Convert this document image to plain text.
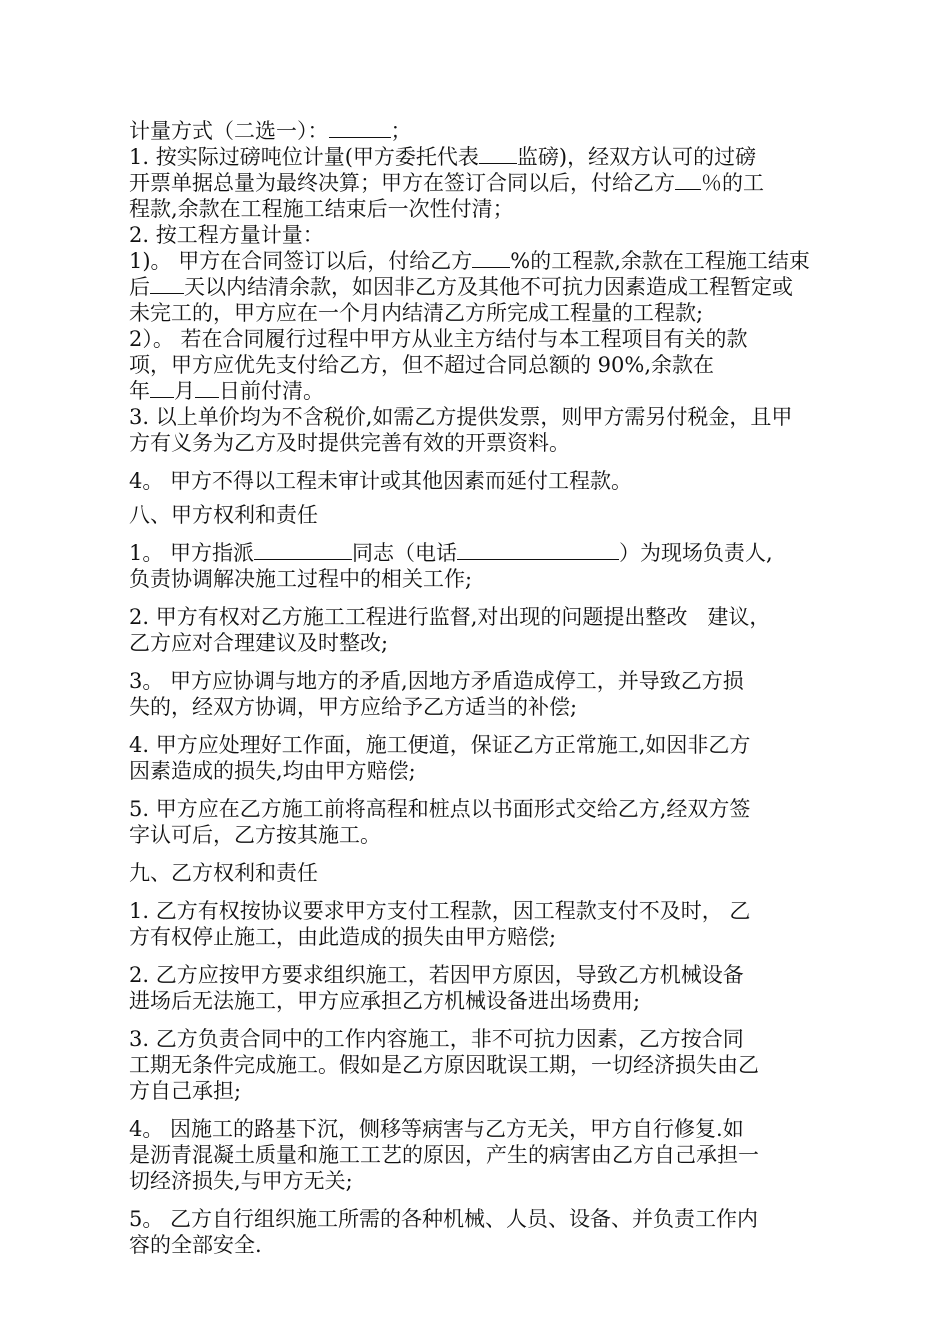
计量方式（二选一）：	；
1. 按实际过磅吨位计量(甲方委托代表 监磅)，经双方认可的过磅
开票单据总量为最终决算；甲方在签订合同以后，付给乙方 ％的工
程款,余款在工程施工结束后一次性付清；
2. 按工程方量计量：
1)。 甲方在合同签订以后，付给乙方 %的工程款,余款在工程施工结束
后 天以内结清余款，如因非乙方及其他不可抗力因素造成工程暂定或
未完工的，甲方应在一个月内结清乙方所完成工程量的工程款;
2）。 若在合同履行过程中甲方从业主方结付与本工程项目有关的款
项，甲方应优先支付给乙方，但不超过合同总额的 90%,余款在
年 月 日前付清。
3. 以上单价均为不含税价,如需乙方提供发票，则甲方需另付税金，且甲
方有义务为乙方及时提供完善有效的开票资料。
4。 甲方不得以工程未审计或其他因素而延付工程款。
八、甲方权利和责任
1。 甲方指派	同志（电话	）为现场负责人,
负责协调解决施工过程中的相关工作;
2. 甲方有权对乙方施工工程进行监督,对出现的问题提出整改   建议，
乙方应对合理建议及时整改;
3。 甲方应协调与地方的矛盾,因地方矛盾造成停工，并导致乙方损
失的，经双方协调，甲方应给予乙方适当的补偿;
4. 甲方应处理好工作面，施工便道，保证乙方正常施工,如因非乙方
因素造成的损失,均由甲方赔偿;
5. 甲方应在乙方施工前将高程和桩点以书面形式交给乙方,经双方签
字认可后，乙方按其施工。
九、乙方权利和责任
1. 乙方有权按协议要求甲方支付工程款，因工程款支付不及时， 乙
方有权停止施工，由此造成的损失由甲方赔偿;
2. 乙方应按甲方要求组织施工，若因甲方原因，导致乙方机械设备
进场后无法施工，甲方应承担乙方机械设备进出场费用;
3. 乙方负责合同中的工作内容施工，非不可抗力因素，乙方按合同
工期无条件完成施工。假如是乙方原因耽误工期，一切经济损失由乙
方自己承担;
4。 因施工的路基下沉，侧移等病害与乙方无关，甲方自行修复.如
是沥青混凝土质量和施工工艺的原因，产生的病害由乙方自己承担一
切经济损失,与甲方无关;
5。 乙方自行组织施工所需的各种机械、人员、设备、并负责工作内
容的全部安全.
